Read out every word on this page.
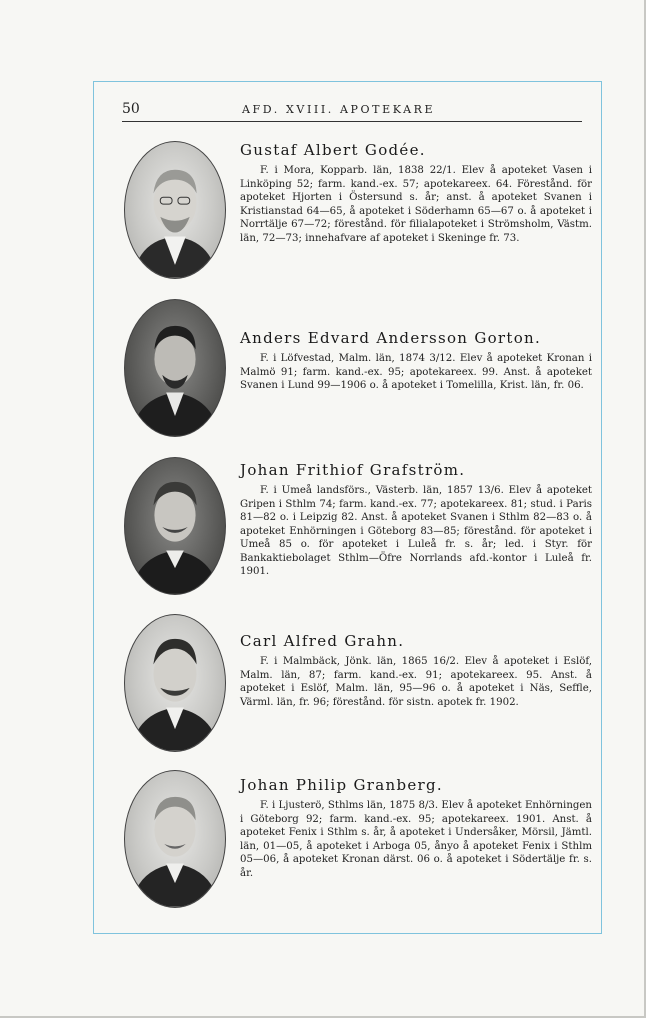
50	AFD. XVIII. APOTEKARE

Gustaf Albert Godée.

F. i Mora, Kopparb. län, 1838 22/1. Elev å apoteket Vasen i Linköping 52; farm. kand.-ex. 57; apotekareex. 64. Förestånd. för apoteket Hjorten i Östersund s. år; anst. å apoteket Svanen i Kristianstad 64—65, å apoteket i Söderhamn 65—67 o. å apoteket i Norrtälje 67—72; förestånd. för filialapoteket i Strömsholm, Västm. län, 72—73; innehafvare af apoteket i Skeninge fr. 73.

Anders Edvard Andersson Gorton.

F. i Löfvestad, Malm. län, 1874 3/12. Elev å apoteket Kronan i Malmö 91; farm. kand.-ex. 95; apotekareex. 99. Anst. å apoteket Svanen i Lund 99—1906 o. å apoteket i Tomelilla, Krist. län, fr. 06.

Johan Frithiof Grafström.

F. i Umeå landsförs., Västerb. län, 1857 13/6. Elev å apoteket Gripen i Sthlm 74; farm. kand.-ex. 77; apotekareex. 81; stud. i Paris 81—82 o. i Leipzig 82. Anst. å apoteket Svanen i Sthlm 82—83 o. å apoteket Enhörningen i Göteborg 83—85; förestånd. för apoteket i Umeå 85 o. för apoteket i Luleå fr. s. år; led. i Styr. för Bankaktiebolaget Sthlm—Öfre Norrlands afd.-kontor i Luleå fr. 1901.

Carl Alfred Grahn.

F. i Malmbäck, Jönk. län, 1865 16/2. Elev å apoteket i Eslöf, Malm. län, 87; farm. kand.-ex. 91; apotekareex. 95. Anst. å apoteket i Eslöf, Malm. län, 95—96 o. å apoteket i Näs, Seffle, Värml. län, fr. 96; förestånd. för sistn. apotek fr. 1902.

Johan Philip Granberg.

F. i Ljusterö, Sthlms län, 1875 8/3. Elev å apoteket Enhörningen i Göteborg 92; farm. kand.-ex. 95; apotekareex. 1901. Anst. å apoteket Fenix i Sthlm s. år, å apoteket i Undersåker, Mörsil, Jämtl. län, 01—05, å apoteket i Arboga 05, ånyo å apoteket Fenix i Sthlm 05—06, å apoteket Kronan därst. 06 o. å apoteket i Södertälje fr. s. år.
